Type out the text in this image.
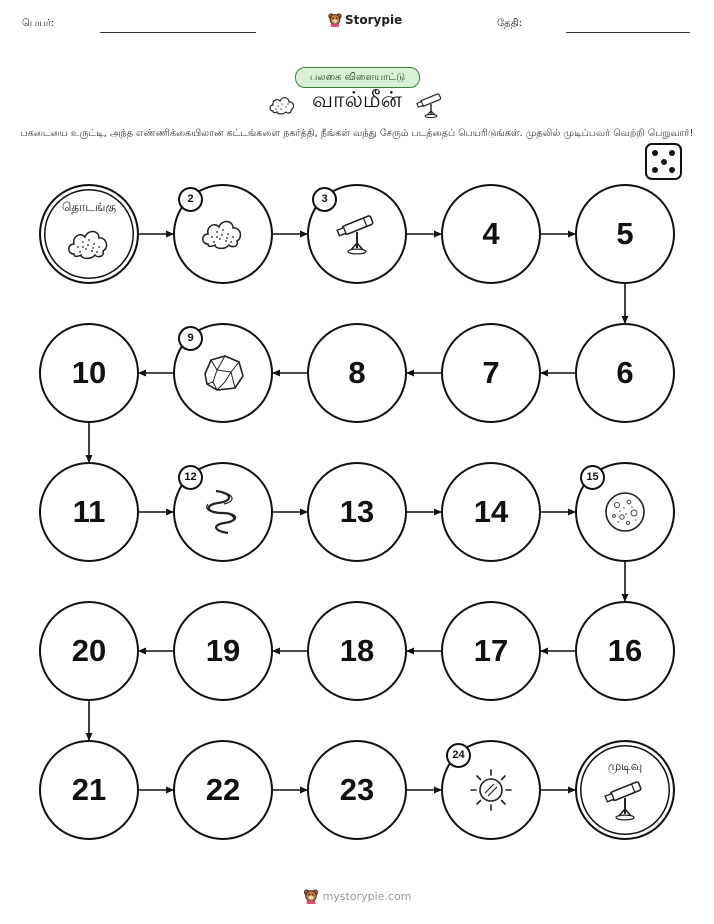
பெயர்:	Storypie	தேதி:
பலகை விளையாட்டு
வால்மீன்
பகடையை உருட்டி, அந்த எண்ணிக்கையிலான கட்டங்களை நகர்த்தி, நீங்கள் வந்து சேரும் படத்தைப் பெயரிடுங்கள். முதலில் முடிப்பவர் வெற்றி பெறுவார்!
தொடங்கு
2	3
4	5
6
7
8
9
10
11
12
13	14
15
16
17
18
19
20
21	22	23
24
முடிவு
mystorypie.com
